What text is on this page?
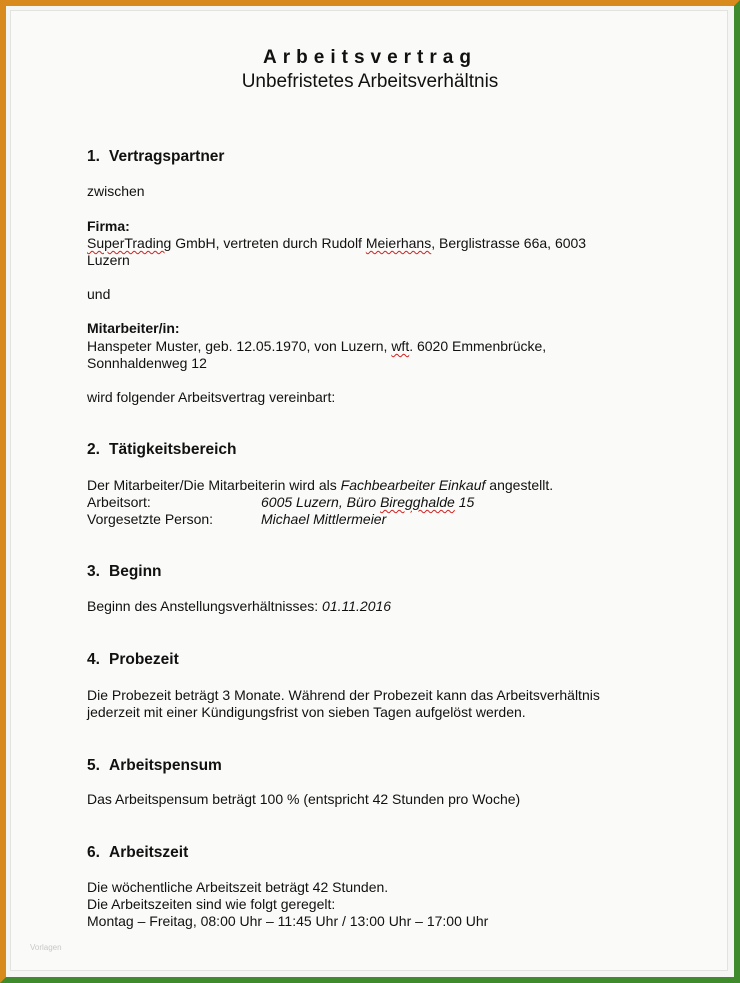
Arbeitsvertrag
Unbefristetes Arbeitsverhältnis
1. Vertragspartner
zwischen
Firma:
SuperTrading GmbH, vertreten durch Rudolf Meierhans, Berglistrasse 66a, 6003
Luzern
und
Mitarbeiter/in:
Hanspeter Muster, geb. 12.05.1970, von Luzern, wft. 6020 Emmenbrücke,
Sonnhaldenweg 12
wird folgender Arbeitsvertrag vereinbart:
2. Tätigkeitsbereich
Der Mitarbeiter/Die Mitarbeiterin wird als Fachbearbeiter Einkauf angestellt.
Arbeitsort:	6005 Luzern, Büro Biregghalde 15
Vorgesetzte Person:	Michael Mittlermeier
3. Beginn
Beginn des Anstellungsverhältnisses: 01.11.2016
4. Probezeit
Die Probezeit beträgt 3 Monate. Während der Probezeit kann das Arbeitsverhältnis
jederzeit mit einer Kündigungsfrist von sieben Tagen aufgelöst werden.
5. Arbeitspensum
Das Arbeitspensum beträgt 100 % (entspricht 42 Stunden pro Woche)
6. Arbeitszeit
Die wöchentliche Arbeitszeit beträgt 42 Stunden.
Die Arbeitszeiten sind wie folgt geregelt:
Montag – Freitag, 08:00 Uhr – 11:45 Uhr / 13:00 Uhr – 17:00 Uhr
Vorlagen
